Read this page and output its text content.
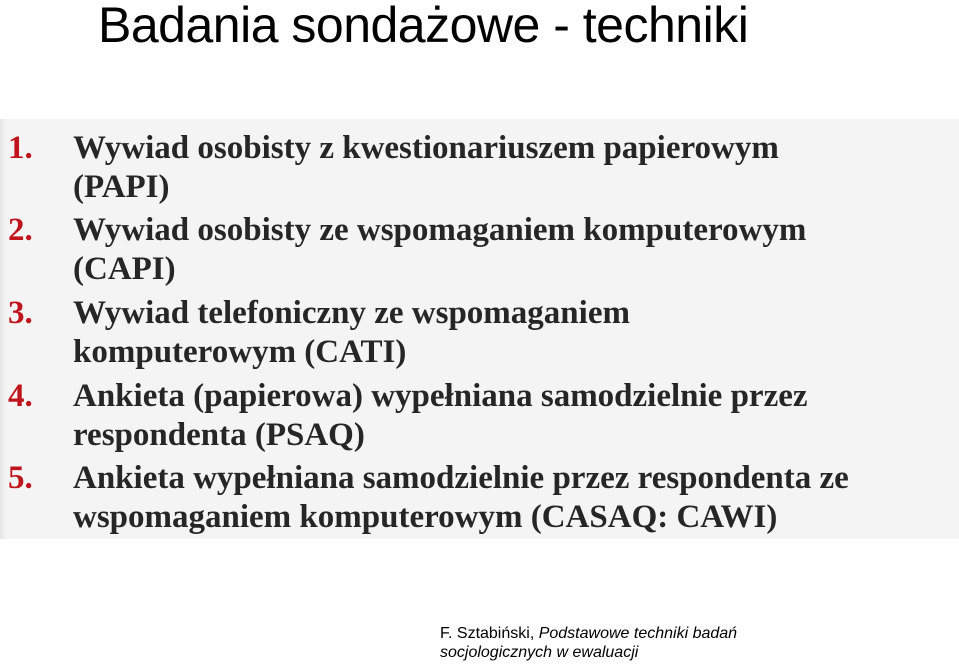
Badania sondażowe - techniki
1. Wywiad osobisty z kwestionariuszem papierowym
(PAPI)
2. Wywiad osobisty ze wspomaganiem komputerowym
(CAPI)
3. Wywiad telefoniczny ze wspomaganiem
komputerowym (CATI)
4. Ankieta (papierowa) wypełniana samodzielnie przez
respondenta (PSAQ)
5. Ankieta wypełniana samodzielnie przez respondenta ze
wspomaganiem komputerowym (CASAQ: CAWI)
F. Sztabiński, Podstawowe techniki badań
socjologicznych w ewaluacji
